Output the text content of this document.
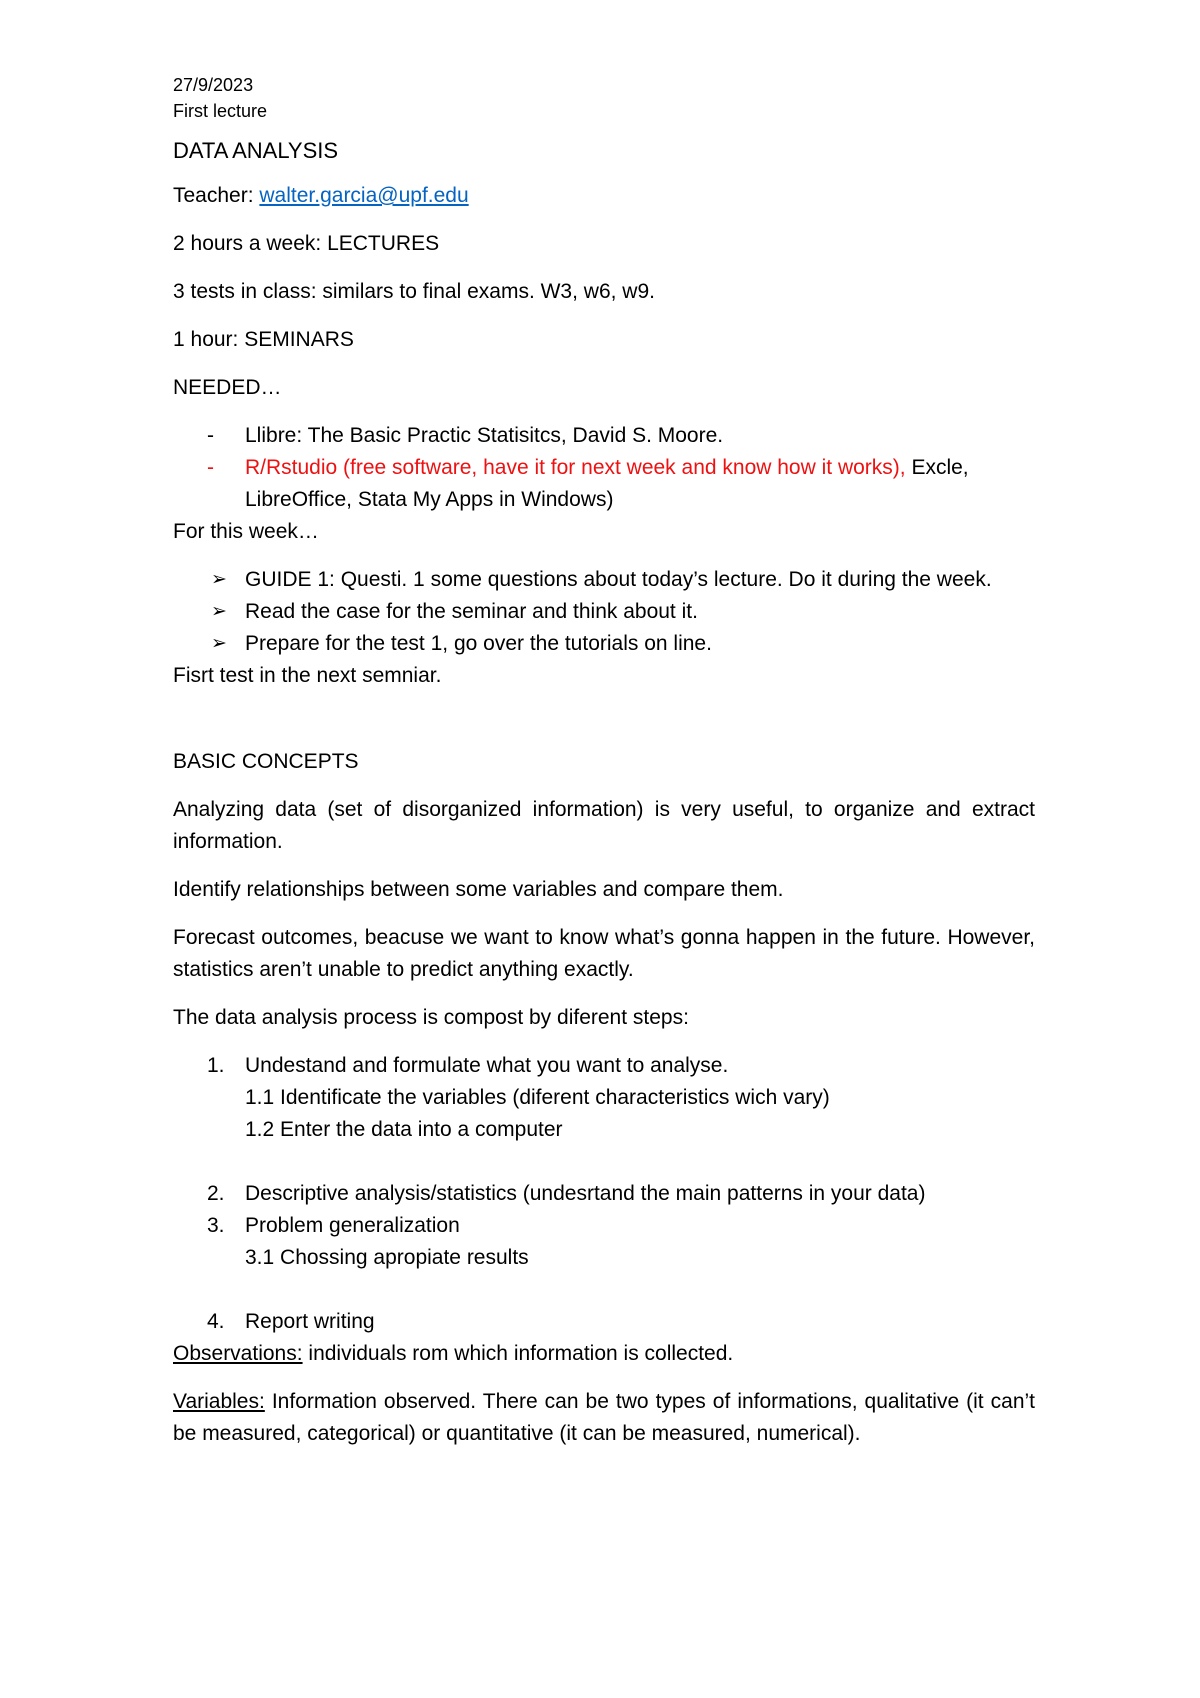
27/9/2023

First lecture

DATA ANALYSIS

Teacher: walter.garcia@upf.edu

2 hours a week: LECTURES

3 tests in class: similars to final exams. W3, w6, w9.

1 hour: SEMINARS

NEEDED…

- Llibre: The Basic Practic Statisitcs, David S. Moore.
- R/Rstudio (free software, have it for next week and know how it works), Excle, LibreOffice, Stata My Apps in Windows)

For this week…

➢ GUIDE 1: Questi. 1 some questions about today’s lecture. Do it during the week.
➢ Read the case for the seminar and think about it.
➢ Prepare for the test 1, go over the tutorials on line.

Fisrt test in the next semniar.

BASIC CONCEPTS

Analyzing data (set of disorganized information) is very useful, to organize and extract information.

Identify relationships between some variables and compare them.

Forecast outcomes, beacuse we want to know what’s gonna happen in the future. However, statistics aren’t unable to predict anything exactly.

The data analysis process is compost by diferent steps:

1. Undestand and formulate what you want to analyse.
1.1 Identificate the variables (diferent characteristics wich vary)
1.2 Enter the data into a computer
2. Descriptive analysis/statistics (undesrtand the main patterns in your data)
3. Problem generalization
3.1 Chossing apropiate results
4. Report writing

Observations: individuals rom which information is collected.

Variables: Information observed. There can be two types of informations, qualitative (it can’t be measured, categorical) or quantitative (it can be measured, numerical).
